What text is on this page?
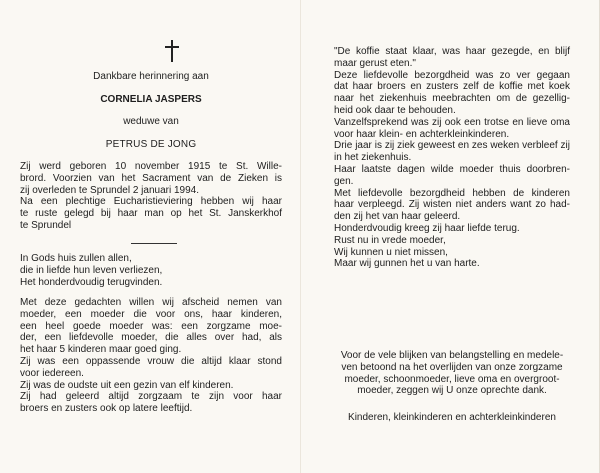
Dankbare herinnering aan
CORNELIA JASPERS
weduwe van
PETRUS DE JONG
Zij werd geboren 10 november 1915 te St. Wille-
brord. Voorzien van het Sacrament van de Zieken is
zij overleden te Sprundel 2 januari 1994.
Na een plechtige Eucharistieviering hebben wij haar
te ruste gelegd bij haar man op het St. Janskerkhof
te Sprundel
In Gods huis zullen allen,
die in liefde hun leven verliezen,
Het honderdvoudig terugvinden.
Met deze gedachten willen wij afscheid nemen van
moeder, een moeder die voor ons, haar kinderen,
een heel goede moeder was: een zorgzame moe-
der, een liefdevolle moeder, die alles over had, als
het haar 5 kinderen maar goed ging.
Zij was een oppassende vrouw die altijd klaar stond
voor iedereen.
Zij was de oudste uit een gezin van elf kinderen.
Zij had geleerd altijd zorgzaam te zijn voor haar
broers en zusters ook op latere leeftijd.
"De koffie staat klaar, was haar gezegde, en blijf
maar gerust eten."
Deze liefdevolle bezorgdheid was zo ver gegaan
dat haar broers en zusters zelf de koffie met koek
naar het ziekenhuis meebrachten om de gezellig-
heid ook daar te behouden.
Vanzelfsprekend was zij ook een trotse en lieve oma
voor haar klein- en achterkleinkinderen.
Drie jaar is zij ziek geweest en zes weken verbleef zij
in het ziekenhuis.
Haar laatste dagen wilde moeder thuis doorbren-
gen.
Met liefdevolle bezorgdheid hebben de kinderen
haar verpleegd. Zij wisten niet anders want zo had-
den zij het van haar geleerd.
Honderdvoudig kreeg zij haar liefde terug.
Rust nu in vrede moeder,
Wij kunnen u niet missen,
Maar wij gunnen het u van harte.
Voor de vele blijken van belangstelling en medele-
ven betoond na het overlijden van onze zorgzame
moeder, schoonmoeder, lieve oma en overgroot-
moeder, zeggen wij U onze oprechte dank.
Kinderen, kleinkinderen en achterkleinkinderen
